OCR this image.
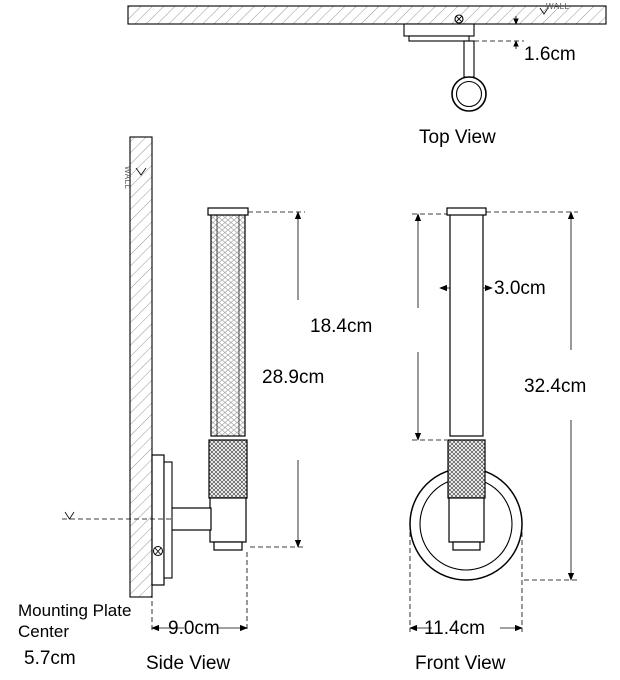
WALL
WALL
1.6cm
Top View
28.9cm
9.0cm
Side View
3.0cm
18.4cm
32.4cm
11.4cm
Front View
Mounting Plate Center
5.7cm
